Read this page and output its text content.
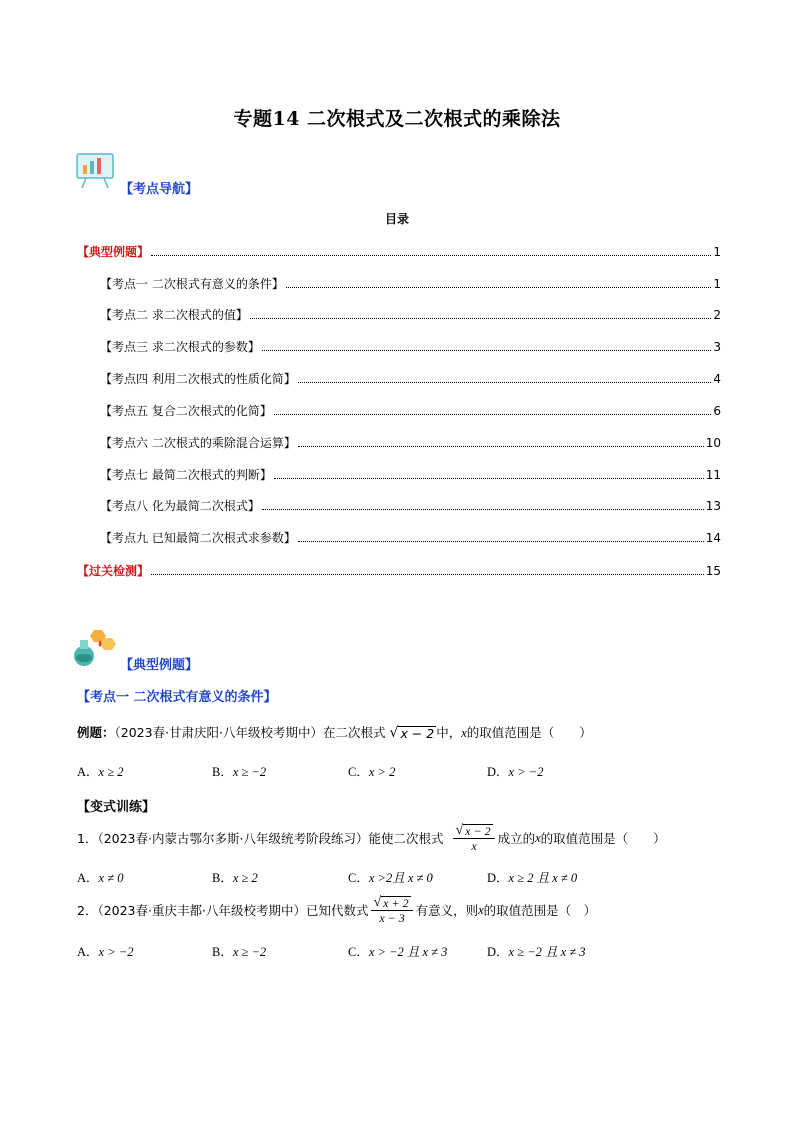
专题14 二次根式及二次根式的乘除法
【考点导航】
目录
【典型例题】	1
【考点一 二次根式有意义的条件】	1
【考点二 求二次根式的值】	2
【考点三 求二次根式的参数】	3
【考点四 利用二次根式的性质化简】	4
【考点五 复合二次根式的化简】	6
【考点六 二次根式的乘除混合运算】	10
【考点七 最简二次根式的判断】	11
【考点八 化为最简二次根式】	13
【考点九 已知最简二次根式求参数】	14
【过关检测】	15
【典型例题】
【考点一 二次根式有意义的条件】
例题：（2023春·甘肃庆阳·八年级校考期中）在二次根式 √ x − 2 中，x的取值范围是（　　）
A．x ≥ 2	B．x ≥ −2	C．x > 2	D．x > −2
【变式训练】
1．（2023春·内蒙古鄂尔多斯·八年级统考阶段练习）能使二次根式 $\frac{√ x - 2}{x}$ 成立的 x 的取值范围是（　　）
A．x ≠ 0	B．x ≥ 2	C．x >2且 x ≠ 0	D．x ≥ 2 且 x ≠ 0
2．（2023春·重庆丰都·八年级校考期中）已知代数式 $\frac{√ x + 2}{x - 3}$ 有意义，则 x 的取值范围是（　）
A．x > −2	B．x ≥ −2	C．x > −2 且 x ≠ 3	D．x ≥ −2 且 x ≠ 3
